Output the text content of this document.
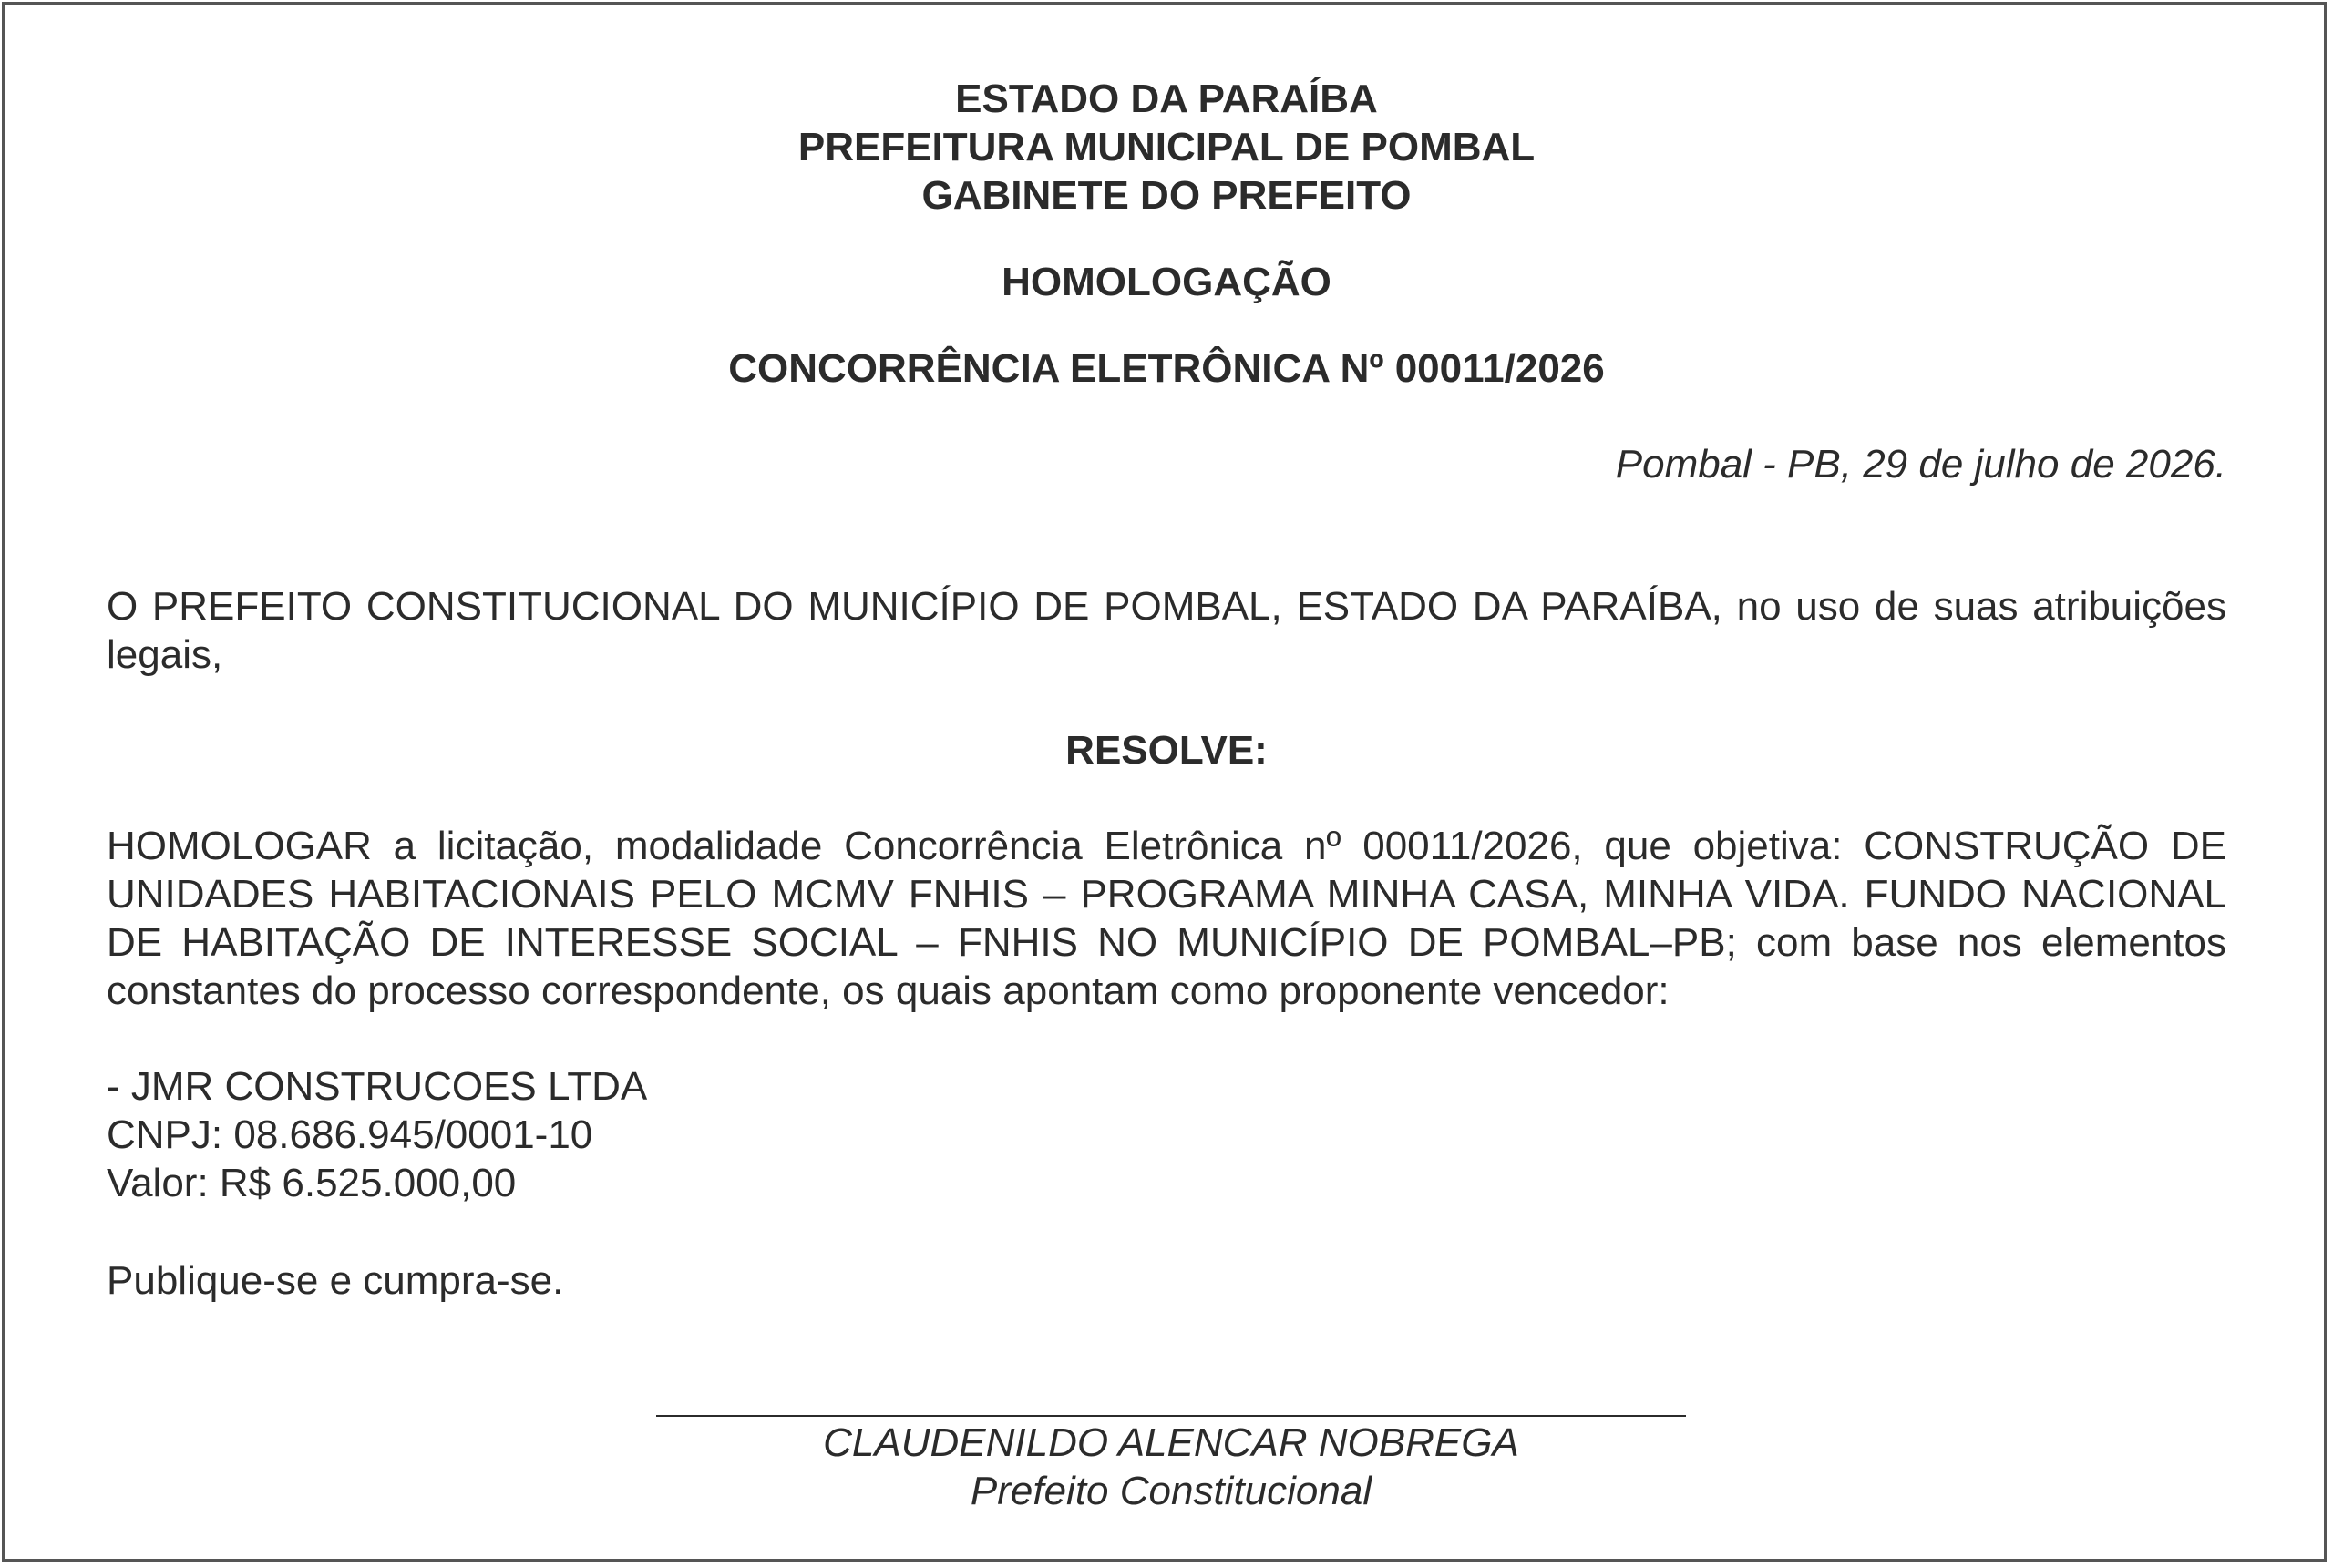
ESTADO DA PARAÍBA
PREFEITURA MUNICIPAL DE POMBAL
GABINETE DO PREFEITO
HOMOLOGAÇÃO
CONCORRÊNCIA ELETRÔNICA Nº 00011/2026
Pombal - PB, 29 de julho de 2026.
O PREFEITO CONSTITUCIONAL DO MUNICÍPIO DE POMBAL, ESTADO DA PARAÍBA, no uso de suas atribuições legais,
RESOLVE:
HOMOLOGAR a licitação, modalidade Concorrência Eletrônica nº 00011/2026, que objetiva: CONSTRUÇÃO DE UNIDADES HABITACIONAIS PELO MCMV FNHIS – PROGRAMA MINHA CASA, MINHA VIDA. FUNDO NACIONAL DE HABITAÇÃO DE INTERESSE SOCIAL – FNHIS NO MUNICÍPIO DE POMBAL–PB; com base nos elementos constantes do processo correspondente, os quais apontam como proponente vencedor:
- JMR CONSTRUCOES LTDA
CNPJ: 08.686.945/0001-10
Valor: R$ 6.525.000,00
Publique-se e cumpra-se.
CLAUDENILDO ALENCAR NOBREGA
Prefeito Constitucional
